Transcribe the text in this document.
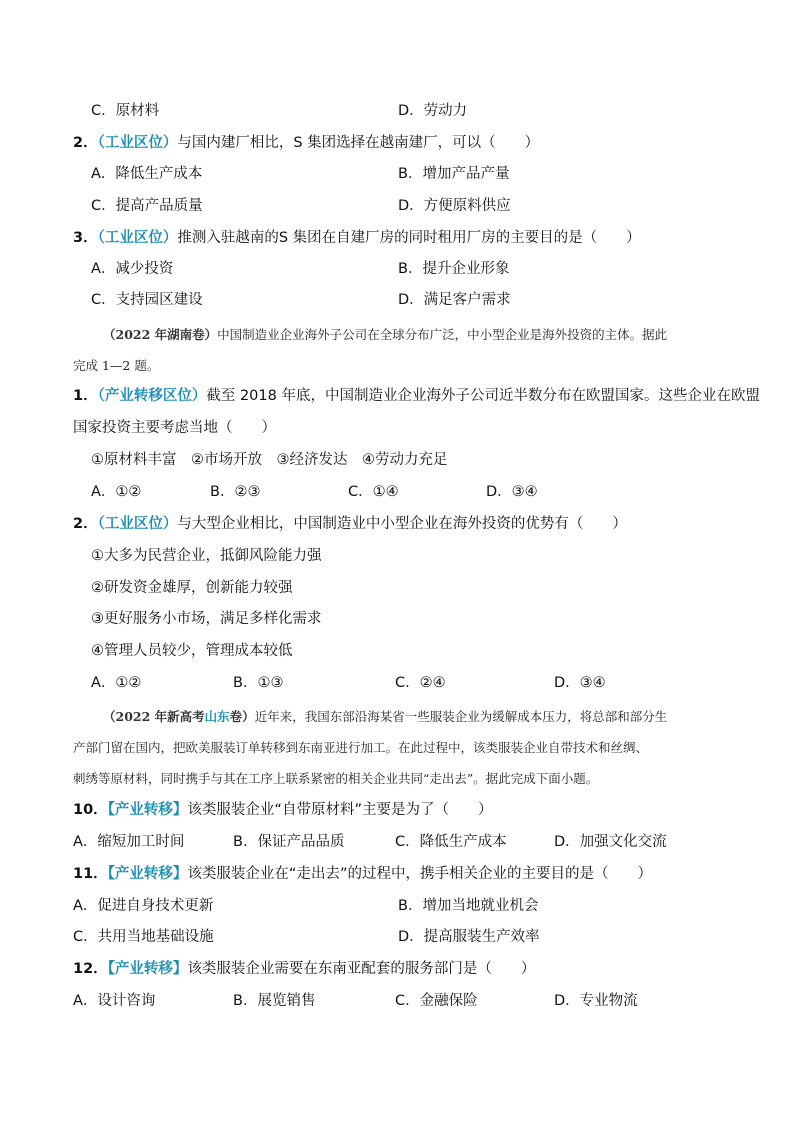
C．原材料	D．劳动力
2．（工业区位）与国内建厂相比，S 集团选择在越南建厂，可以（　　）
A．降低生产成本	B．增加产品产量
C．提高产品质量	D．方便原料供应
3．（工业区位）推测入驻越南的S 集团在自建厂房的同时租用厂房的主要目的是（　　）
A．减少投资	B．提升企业形象
C．支持园区建设	D．满足客户需求
（2022 年湖南卷）中国制造业企业海外子公司在全球分布广泛，中小型企业是海外投资的主体。据此
完成 1—2 题。
1．（产业转移区位）截至 2018 年底，中国制造业企业海外子公司近半数分布在欧盟国家。这些企业在欧盟
国家投资主要考虑当地（　　）
①原材料丰富　②市场开放　③经济发达　④劳动力充足
A．①②	B．②③	C．①④	D．③④
2．（工业区位）与大型企业相比，中国制造业中小型企业在海外投资的优势有（　　）
①大多为民营企业，抵御风险能力强
②研发资金雄厚，创新能力较强
③更好服务小市场，满足多样化需求
④管理人员较少，管理成本较低
A．①②	B．①③	C．②④	D．③④
（2022 年新高考山东卷）近年来，我国东部沿海某省一些服装企业为缓解成本压力，将总部和部分生
产部门留在国内，把欧美服装订单转移到东南亚进行加工。在此过程中，该类服装企业自带技术和丝绸、
刺绣等原材料，同时携手与其在工序上联系紧密的相关企业共同“走出去”。据此完成下面小题。
10．【产业转移】该类服装企业“自带原材料”主要是为了（　　）
A．缩短加工时间	B．保证产品品质	C．降低生产成本	D．加强文化交流
11．【产业转移】该类服装企业在“走出去”的过程中，携手相关企业的主要目的是（　　）
A．促进自身技术更新	B．增加当地就业机会
C．共用当地基础设施	D．提高服装生产效率
12．【产业转移】该类服装企业需要在东南亚配套的服务部门是（　　）
A．设计咨询	B．展览销售	C．金融保险	D．专业物流
